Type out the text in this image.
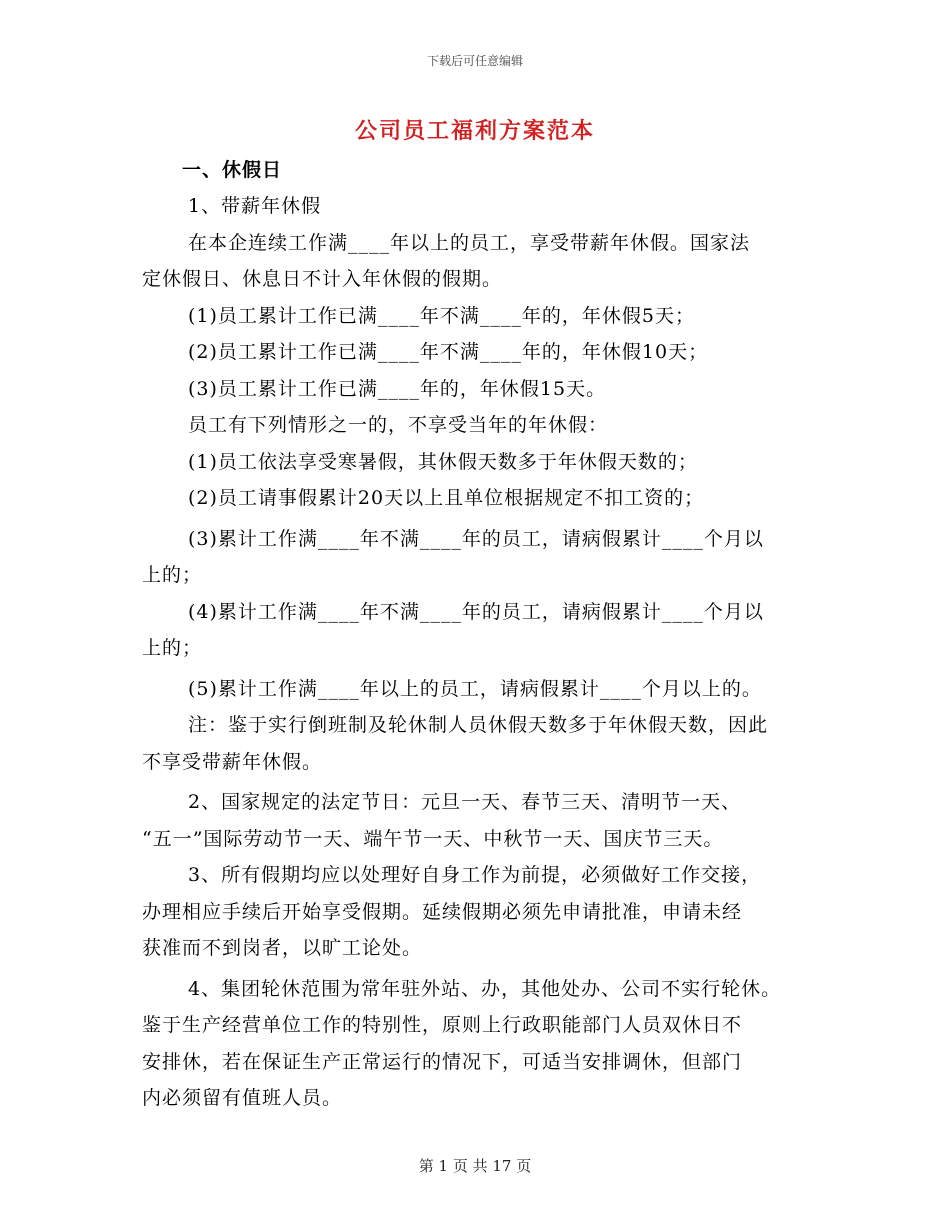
下载后可任意编辑
公司员工福利方案范本
一、休假日
1、带薪年休假
在本企连续工作满____年以上的员工，享受带薪年休假。国家法
定休假日、休息日不计入年休假的假期。
(1)员工累计工作已满____年不满____年的，年休假5天；
(2)员工累计工作已满____年不满____年的，年休假10天；
(3)员工累计工作已满____年的，年休假15天。
员工有下列情形之一的，不享受当年的年休假：
(1)员工依法享受寒暑假，其休假天数多于年休假天数的；
(2)员工请事假累计20天以上且单位根据规定不扣工资的；
(3)累计工作满____年不满____年的员工，请病假累计____个月以
上的；
(4)累计工作满____年不满____年的员工，请病假累计____个月以
上的；
(5)累计工作满____年以上的员工，请病假累计____个月以上的。
注：鉴于实行倒班制及轮休制人员休假天数多于年休假天数，因此
不享受带薪年休假。
2、国家规定的法定节日：元旦一天、春节三天、清明节一天、
“五一”国际劳动节一天、端午节一天、中秋节一天、国庆节三天。
3、所有假期均应以处理好自身工作为前提，必须做好工作交接，
办理相应手续后开始享受假期。延续假期必须先申请批准，申请未经
获准而不到岗者，以旷工论处。
4、集团轮休范围为常年驻外站、办，其他处办、公司不实行轮休。
鉴于生产经营单位工作的特别性，原则上行政职能部门人员双休日不
安排休，若在保证生产正常运行的情况下，可适当安排调休，但部门
内必须留有值班人员。
第 1 页 共 17 页
